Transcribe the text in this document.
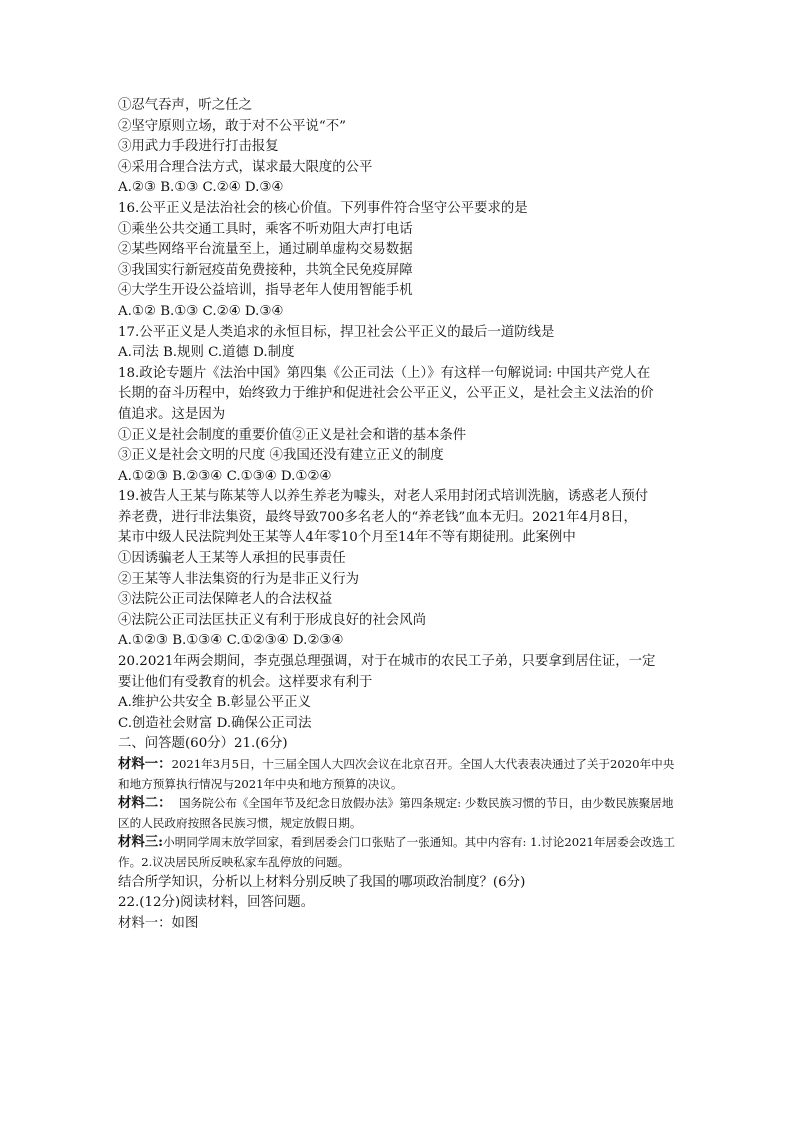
①忍气吞声，听之任之
②坚守原则立场，敢于对不公平说“不”
③用武力手段进行打击报复
④采用合理合法方式，谋求最大限度的公平
A.②③ B.①③ C.②④ D.③④
16.公平正义是法治社会的核心价值。下列事件符合坚守公平要求的是
①乘坐公共交通工具时，乘客不听劝阻大声打电话
②某些网络平台流量至上，通过刷单虚构交易数据
③我国实行新冠疫苗免费接种，共筑全民免疫屏障
④大学生开设公益培训，指导老年人使用智能手机
A.①② B.①③ C.②④ D.③④
17.公平正义是人类追求的永恒目标，捍卫社会公平正义的最后一道防线是
A.司法 B.规则 C.道德 D.制度
18.政论专题片《法治中国》第四集《公正司法（上）》有这样一句解说词: 中国共产党人在
长期的奋斗历程中，始终致力于维护和促进社会公平正义，公平正义，是社会主义法治的价
值追求。这是因为
①正义是社会制度的重要价值②正义是社会和谐的基本条件
③正义是社会文明的尺度 ④我国还没有建立正义的制度
A.①②③ B.②③④ C.①③④ D.①②④
19.被告人王某与陈某等人以养生养老为噱头，对老人采用封闭式培训洗脑，诱惑老人预付
养老费，进行非法集资，最终导致700多名老人的“养老钱”血本无归。2021年4月8日，
某市中级人民法院判处王某等人4年零10个月至14年不等有期徒刑。此案例中
①因诱骗老人王某等人承担的民事责任
②王某等人非法集资的行为是非正义行为
③法院公正司法保障老人的合法权益
④法院公正司法匡扶正义有利于形成良好的社会风尚
A.①②③ B.①③④ C.①②③④ D.②③④
20.2021年两会期间，李克强总理强调，对于在城市的农民工子弟，只要拿到居住证，一定
要让他们有受教育的机会。这样要求有利于
A.维护公共安全 B.彰显公平正义
C.创造社会财富 D.确保公正司法
二、问答题(60分）21.(6分)
材料一：2021年3月5日，十三届全国人大四次会议在北京召开。全国人大代表表决通过了关于2020年中央和地方预算执行情况与2021年中央和地方预算的决议。
材料二： 国务院公布《全国年节及纪念日放假办法》第四条规定: 少数民族习惯的节日，由少数民族聚居地区的人民政府按照各民族习惯，规定放假日期。
材料三:小明同学周末放学回家，看到居委会门口张贴了一张通知。其中内容有: 1.讨论2021年居委会改选工作。2.议决居民所反映私家车乱停放的问题。
结合所学知识，分析以上材料分别反映了我国的哪项政治制度？(6分)
22.(12分)阅读材料，回答问题。
材料一：如图
